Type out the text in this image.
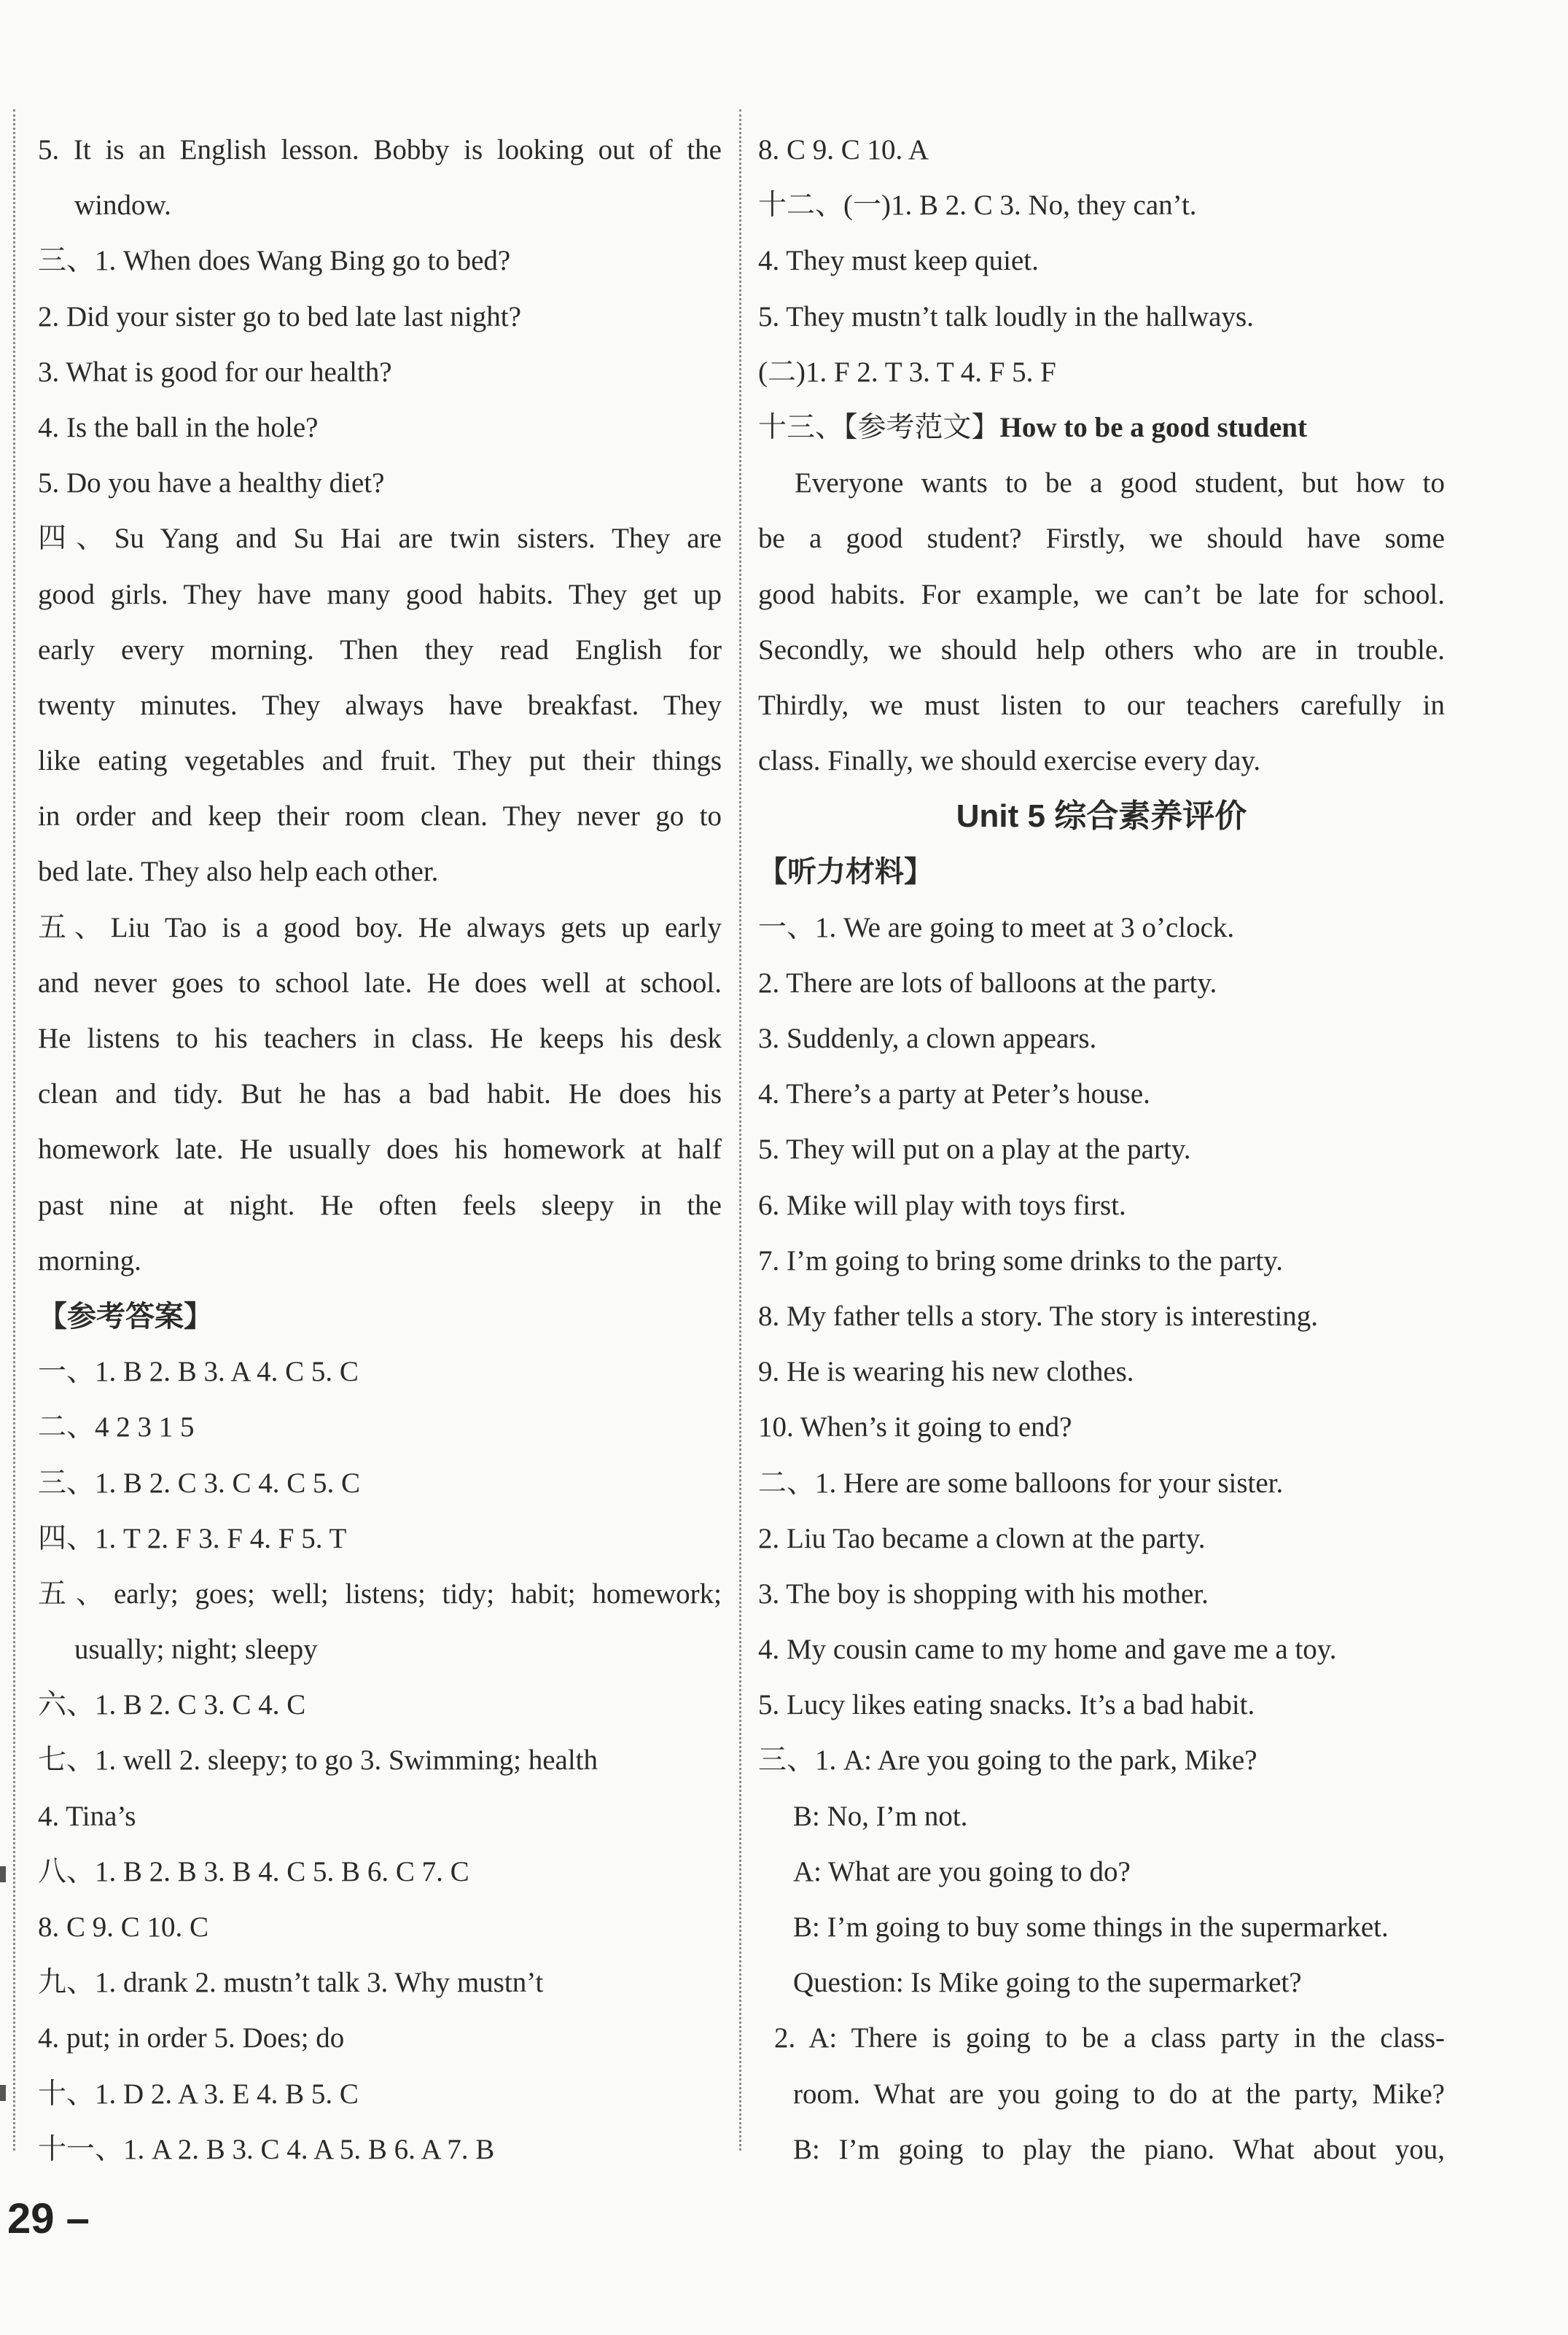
5. It is an English lesson. Bobby is looking out of the
window.
三、1. When does Wang Bing go to bed?
2. Did your sister go to bed late last night?
3. What is good for our health?
4. Is the ball in the hole?
5. Do you have a healthy diet?
四、Su Yang and Su Hai are twin sisters. They are
good girls. They have many good habits. They get up
early every morning. Then they read English for
twenty minutes. They always have breakfast. They
like eating vegetables and fruit. They put their things
in order and keep their room clean. They never go to
bed late. They also help each other.
五、Liu Tao is a good boy. He always gets up early
and never goes to school late. He does well at school.
He listens to his teachers in class. He keeps his desk
clean and tidy. But he has a bad habit. He does his
homework late. He usually does his homework at half
past nine at night. He often feels sleepy in the
morning.
【参考答案】
一、1. B 2. B 3. A 4. C 5. C
二、4 2 3 1 5
三、1. B 2. C 3. C 4. C 5. C
四、1. T 2. F 3. F 4. F 5. T
五、early; goes; well; listens; tidy; habit; homework;
usually; night; sleepy
六、1. B 2. C 3. C 4. C
七、1. well 2. sleepy; to go 3. Swimming; health
4. Tina’s
八、1. B 2. B 3. B 4. C 5. B 6. C 7. C
8. C 9. C 10. C
九、1. drank 2. mustn’t talk 3. Why mustn’t
4. put; in order 5. Does; do
十、1. D 2. A 3. E 4. B 5. C
十一、1. A 2. B 3. C 4. A 5. B 6. A 7. B
8. C 9. C 10. A
十二、(一)1. B 2. C 3. No, they can’t.
4. They must keep quiet.
5. They mustn’t talk loudly in the hallways.
(二)1. F 2. T 3. T 4. F 5. F
十三、【参考范文】How to be a good student
Everyone wants to be a good student, but how to
be a good student? Firstly, we should have some
good habits. For example, we can’t be late for school.
Secondly, we should help others who are in trouble.
Thirdly, we must listen to our teachers carefully in
class. Finally, we should exercise every day.
Unit 5 综合素养评价
【听力材料】
一、1. We are going to meet at 3 o’clock.
2. There are lots of balloons at the party.
3. Suddenly, a clown appears.
4. There’s a party at Peter’s house.
5. They will put on a play at the party.
6. Mike will play with toys first.
7. I’m going to bring some drinks to the party.
8. My father tells a story. The story is interesting.
9. He is wearing his new clothes.
10. When’s it going to end?
二、1. Here are some balloons for your sister.
2. Liu Tao became a clown at the party.
3. The boy is shopping with his mother.
4. My cousin came to my home and gave me a toy.
5. Lucy likes eating snacks. It’s a bad habit.
三、1. A: Are you going to the park, Mike?
B: No, I’m not.
A: What are you going to do?
B: I’m going to buy some things in the supermarket.
Question: Is Mike going to the supermarket?
2. A: There is going to be a class party in the class-
room. What are you going to do at the party, Mike?
B: I’m going to play the piano. What about you,
29 –
